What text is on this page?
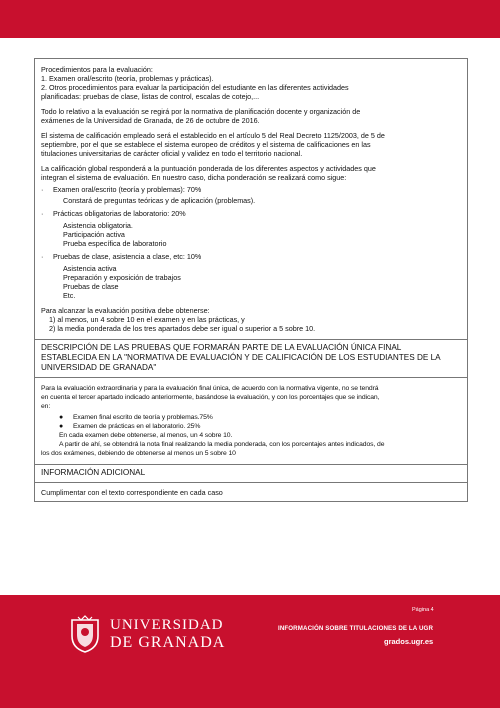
Procedimientos para la evaluación:
1. Examen oral/escrito (teoría, problemas y prácticas).
2. Otros procedimientos para evaluar la participación del estudiante en las diferentes actividades
planificadas: pruebas de clase, listas de control, escalas de cotejo,...

Todo lo relativo a la evaluación se regirá por la normativa de planificación docente y organización de
exámenes de la Universidad de Granada, de 26 de octubre de 2016.

El sistema de calificación empleado será el establecido en el artículo 5 del Real Decreto 1125/2003, de 5 de
septiembre, por el que se establece el sistema europeo de créditos y el sistema de calificaciones en las
titulaciones universitarias de carácter oficial y validez en todo el territorio nacional.

La calificación global responderá a la puntuación ponderada de los diferentes aspectos y actividades que
integran el sistema de evaluación. En nuestro caso, dicha ponderación se realizará como sigue:

·	Examen oral/escrito (teoría y problemas): 70%
Constará de preguntas teóricas y de aplicación (problemas).
·	Prácticas obligatorias de laboratorio: 20%
Asistencia obligatoria.
Participación activa
Prueba específica de laboratorio
·	Pruebas de clase, asistencia a clase, etc: 10%
Asistencia activa
Preparación y exposición de trabajos
Pruebas de clase
Etc.

Para alcanzar la evaluación positiva debe obtenerse:
1) al menos, un 4 sobre 10 en el examen y en las prácticas, y
2) la media ponderada de los tres apartados debe ser igual o superior a 5 sobre 10.

DESCRIPCIÓN DE LAS PRUEBAS QUE FORMARÁN PARTE DE LA EVALUACIÓN ÚNICA FINAL
ESTABLECIDA EN LA "NORMATIVA DE EVALUACIÓN Y DE CALIFICACIÓN DE LOS ESTUDIANTES DE LA
UNIVERSIDAD DE GRANADA"

Para la evaluación extraordinaria y para la evaluación final única, de acuerdo con la normativa vigente, no se tendrá
en cuenta el tercer apartado indicado anteriormente, basándose la evaluación, y con los porcentajes que se indican,
en:

●	Examen final escrito de teoría y problemas.75%
●	Examen de prácticas en el laboratorio. 25%
En cada examen debe obtenerse, al menos, un 4 sobre 10.
A partir de ahí, se obtendrá la nota final realizando la media ponderada, con los porcentajes antes indicados, de
los dos exámenes, debiendo de obtenerse al menos un 5 sobre 10
INFORMACIÓN ADICIONAL
Cumplimentar con el texto correspondiente en cada caso
Página 4
UNIVERSIDAD
DE GRANADA
INFORMACIÓN SOBRE TITULACIONES DE LA UGR
grados.ugr.es
